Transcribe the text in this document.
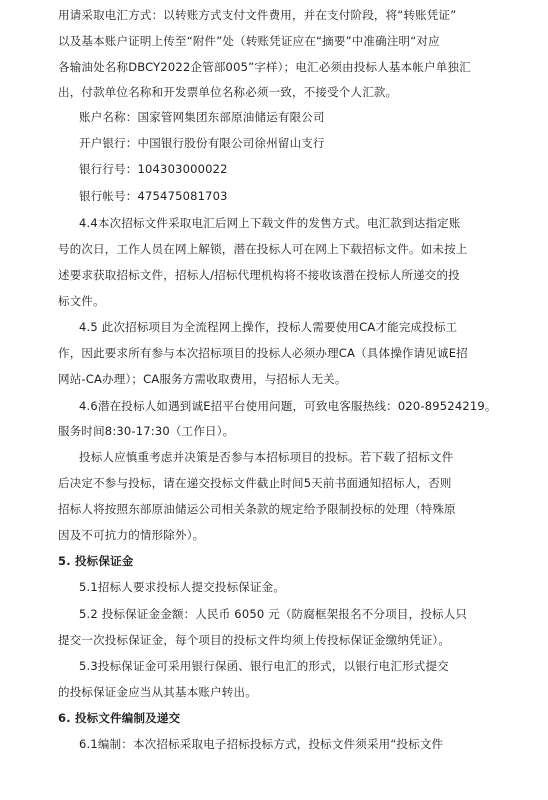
用请采取电汇方式：以转账方式支付文件费用，并在支付阶段，将“转账凭证”
以及基本账户证明上传至“附件”处（转账凭证应在“摘要”中准确注明“对应
各输油处名称DBCY2022企管部005”字样）；电汇必须由投标人基本帐户单独汇
出，付款单位名称和开发票单位名称必须一致，不接受个人汇款。
账户名称：国家管网集团东部原油储运有限公司
开户银行：中国银行股份有限公司徐州留山支行
银行行号：104303000022
银行帐号：475475081703
4.4本次招标文件采取电汇后网上下载文件的发售方式。电汇款到达指定账
号的次日，工作人员在网上解锁，潜在投标人可在网上下载招标文件。如未按上
述要求获取招标文件，招标人/招标代理机构将不接收该潜在投标人所递交的投
标文件。
4.5 此次招标项目为全流程网上操作，投标人需要使用CA才能完成投标工
作，因此要求所有参与本次招标项目的投标人必须办理CA（具体操作请见诚E招
网站-CA办理）；CA服务方需收取费用，与招标人无关。
4.6潜在投标人如遇到诚E招平台使用问题，可致电客服热线：020-89524219。
服务时间8:30-17:30（工作日）。
投标人应慎重考虑并决策是否参与本招标项目的投标。若下载了招标文件
后决定不参与投标，请在递交投标文件截止时间5天前书面通知招标人，否则
招标人将按照东部原油储运公司相关条款的规定给予限制投标的处理（特殊原
因及不可抗力的情形除外）。
5. 投标保证金
5.1招标人要求投标人提交投标保证金。
5.2 投标保证金金额：人民币 6050 元（防腐框架报名不分项目，投标人只
提交一次投标保证金，每个项目的投标文件均须上传投标保证金缴纳凭证）。
5.3投标保证金可采用银行保函、银行电汇的形式，以银行电汇形式提交
的投标保证金应当从其基本账户转出。
6. 投标文件编制及递交
6.1编制：本次招标采取电子招标投标方式，投标文件须采用“投标文件
